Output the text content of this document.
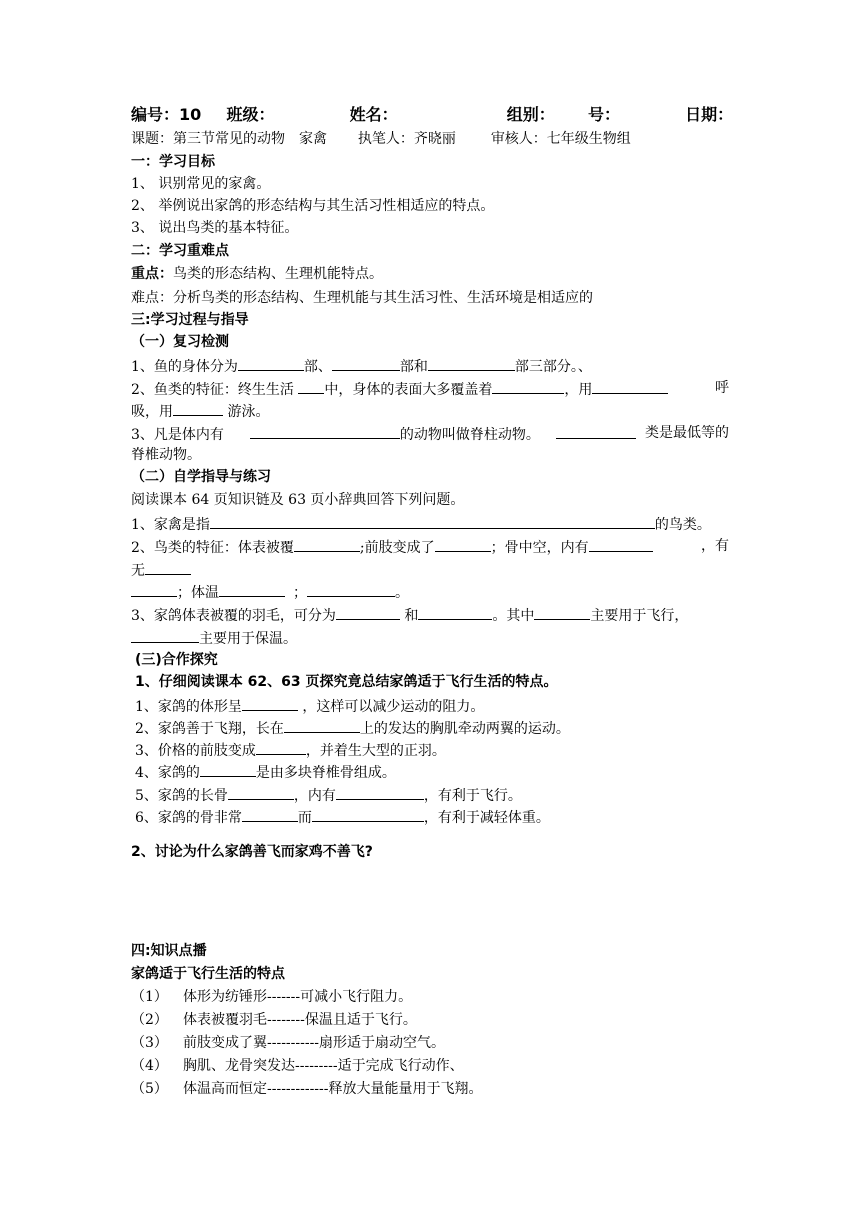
编号：10 班级：	姓名：	组别： 号：	日期：
课题：第三节常见的动物　家禽 执笔人：齐晓丽 审核人：七年级生物组
一：学习目标
1、 识别常见的家禽。
2、 举例说出家鸽的形态结构与其生活习性相适应的特点。
3、 说出鸟类的基本特征。
二：学习重难点
重点：鸟类的形态结构、生理机能特点。
难点：分析鸟类的形态结构、生理机能与其生活习性、生活环境是相适应的
三:学习过程与指导
（一）复习检测
1、鱼的身体分为	部、	部和	部三部分。、
2、鱼类的特征：终生生活 中，身体的表面大多覆盖着	，用	呼
吸，用	游泳。
3、凡是体内有	的动物叫做脊柱动物。	类是最低等的
脊椎动物。
（二）自学指导与练习
阅读课本 64 页知识链及 63 页小辞典回答下列问题。
1、家禽是指	的鸟类。
2、鸟类的特征：体表被覆	;前肢变成了	；骨中空，内有	，有
无
；体温	；	。
3、家鸽体表被覆的羽毛，可分为	和	。其中	主要用于飞行，
主要用于保温。
(三)合作探究
1、仔细阅读课本 62、63 页探究竟总结家鸽适于飞行生活的特点。
1、家鸽的体形呈	，这样可以减少运动的阻力。
2、家鸽善于飞翔，长在	上的发达的胸肌牵动两翼的运动。
3、价格的前肢变成	，并着生大型的正羽。
4、家鸽的	是由多块脊椎骨组成。
5、家鸽的长骨	，内有	，有利于飞行。
6、家鸽的骨非常	而	，有利于减轻体重。
2、讨论为什么家鸽善飞而家鸡不善飞?
四:知识点播
家鸽适于飞行生活的特点
（1） 体形为纺锤形-------可减小飞行阻力。
（2） 体表被覆羽毛--------保温且适于飞行。
（3） 前肢变成了翼-----------扇形适于扇动空气。
（4） 胸肌、龙骨突发达---------适于完成飞行动作、
（5） 体温高而恒定-------------释放大量能量用于飞翔。
